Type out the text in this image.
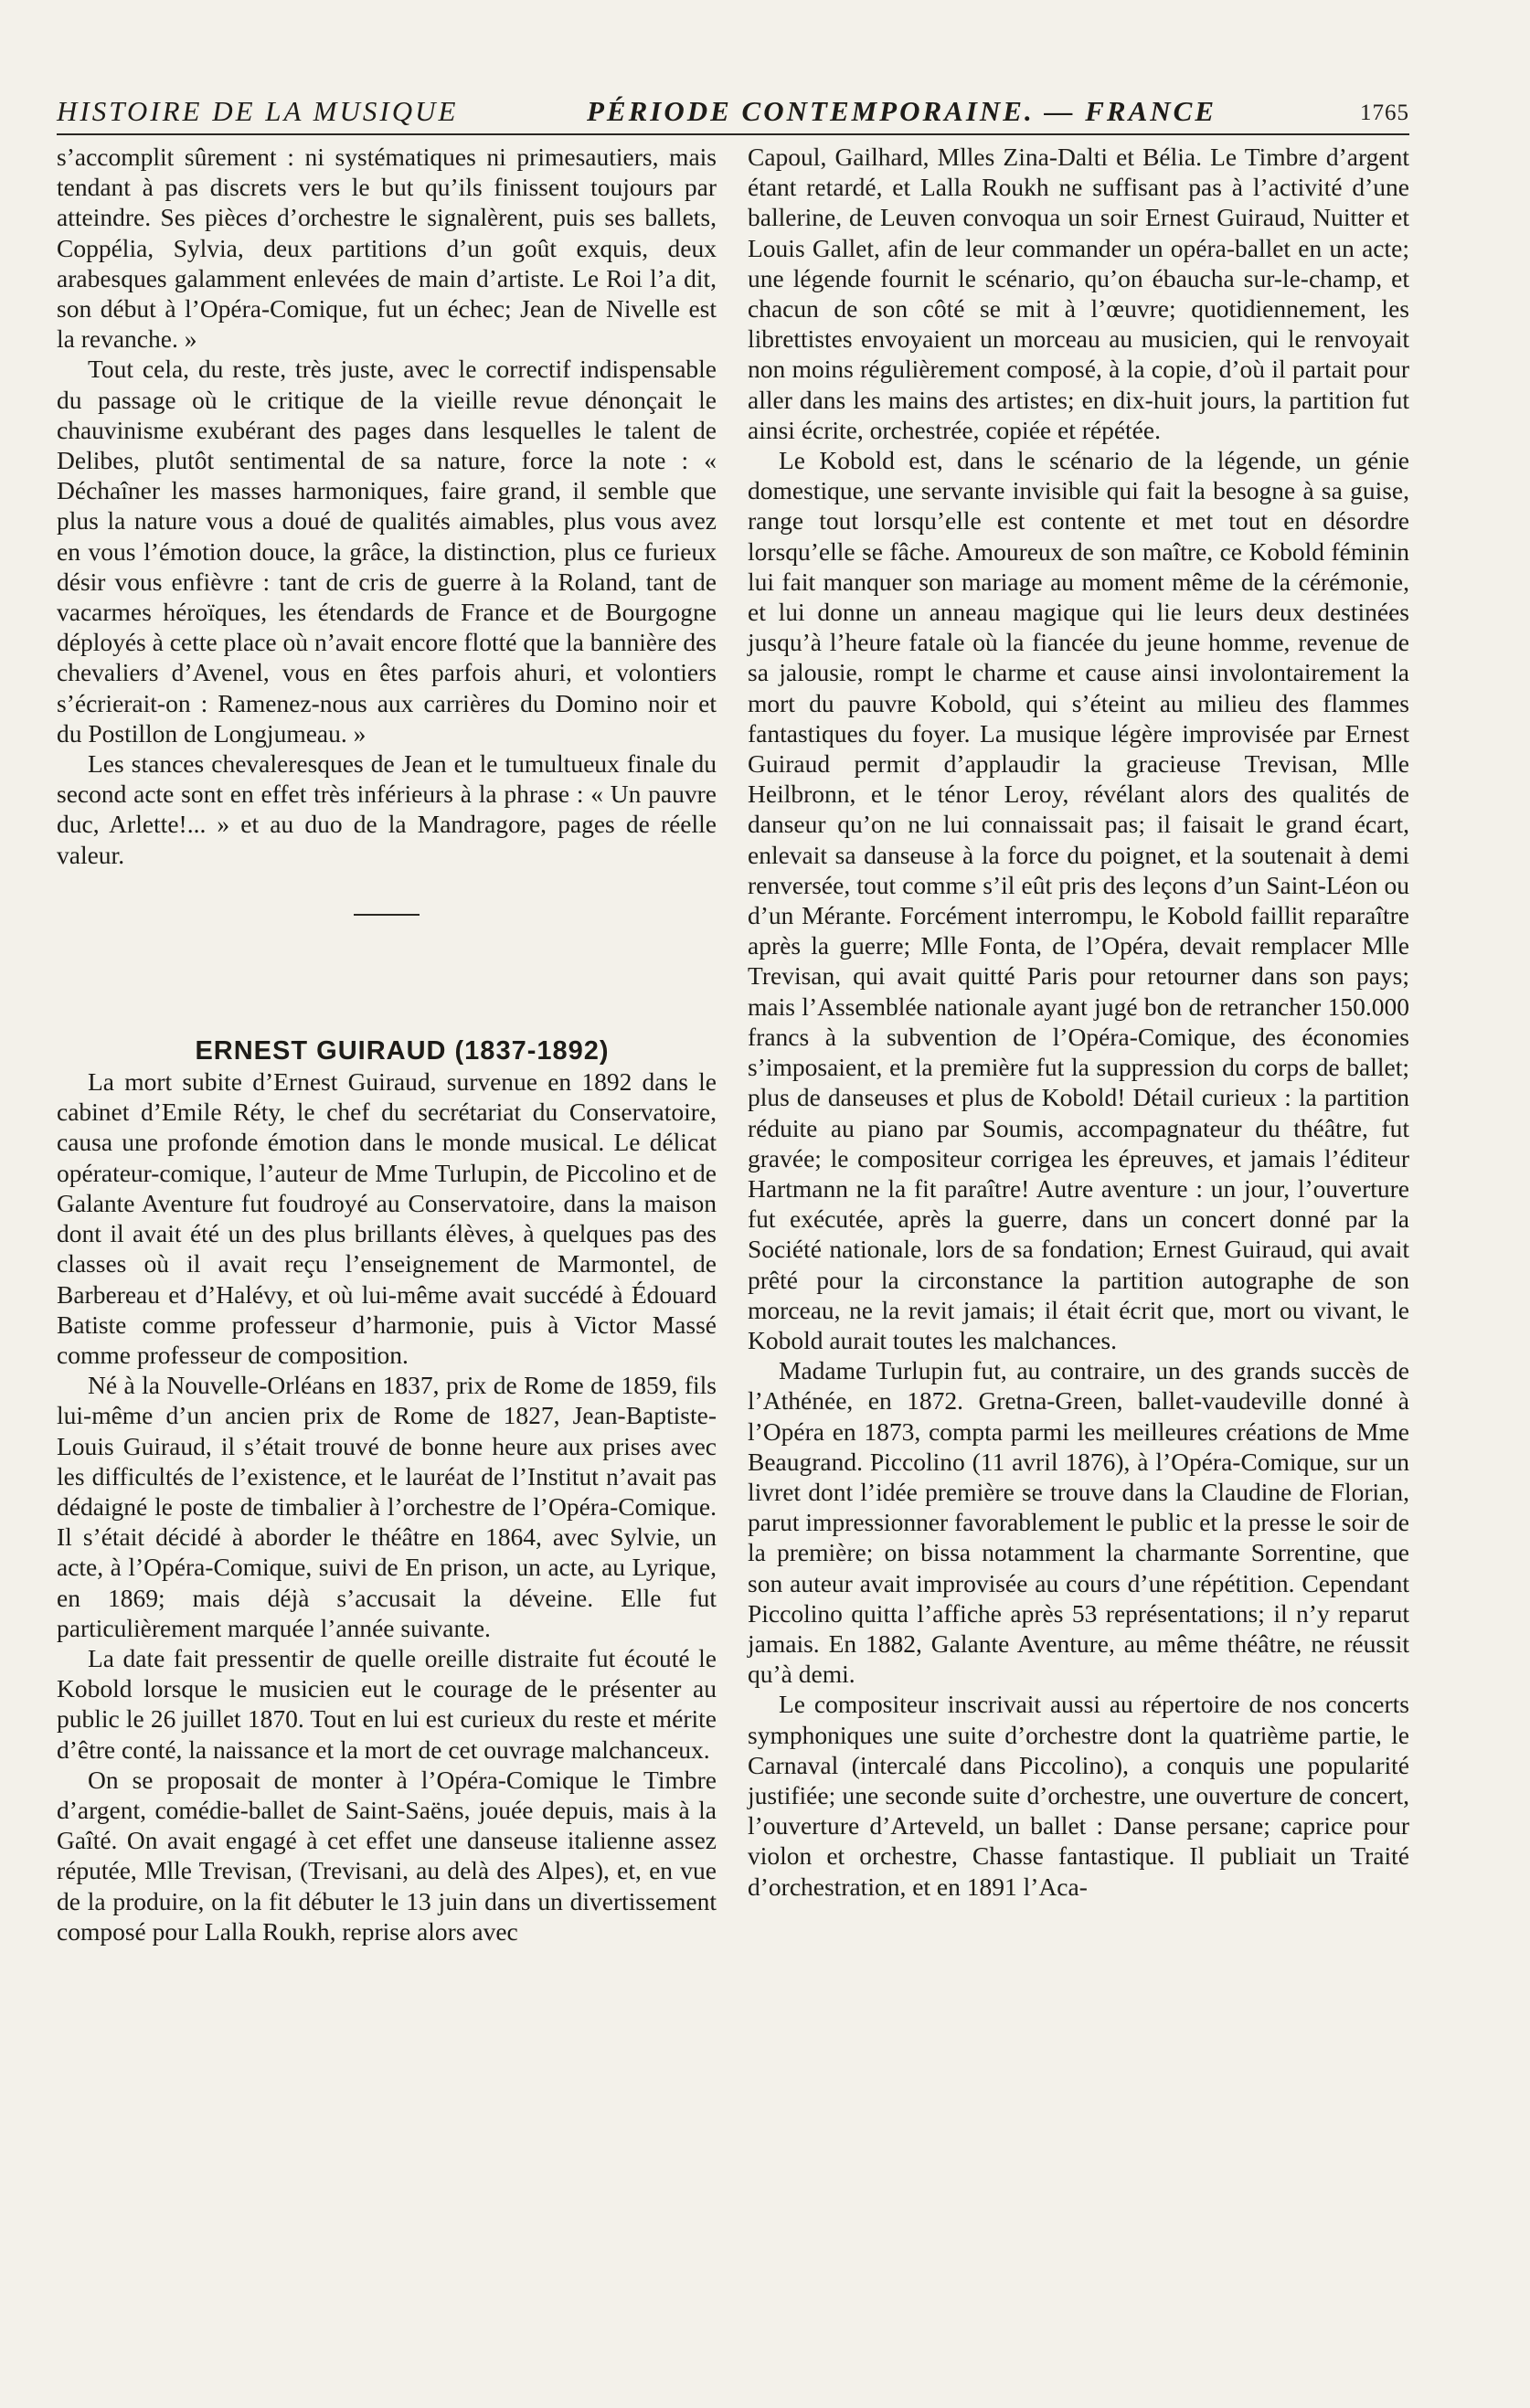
HISTOIRE DE LA MUSIQUE	PÉRIODE CONTEMPORAINE. — FRANCE	1765

s’accomplit sûrement : ni systématiques ni primesautiers, mais tendant à pas discrets vers le but qu’ils finissent toujours par atteindre. Ses pièces d’orchestre le signalèrent, puis ses ballets, Coppélia, Sylvia, deux partitions d’un goût exquis, deux arabesques galamment enlevées de main d’artiste. Le Roi l’a dit, son début à l’Opéra-Comique, fut un échec; Jean de Nivelle est la revanche. »

Tout cela, du reste, très juste, avec le correctif indispensable du passage où le critique de la vieille revue dénonçait le chauvinisme exubérant des pages dans lesquelles le talent de Delibes, plutôt sentimental de sa nature, force la note : « Déchaîner les masses harmoniques, faire grand, il semble que plus la nature vous a doué de qualités aimables, plus vous avez en vous l’émotion douce, la grâce, la distinction, plus ce furieux désir vous enfièvre : tant de cris de guerre à la Roland, tant de vacarmes héroïques, les étendards de France et de Bourgogne déployés à cette place où n’avait encore flotté que la bannière des chevaliers d’Avenel, vous en êtes parfois ahuri, et volontiers s’écrierait-on : Ramenez-nous aux carrières du Domino noir et du Postillon de Longjumeau. »

Les stances chevaleresques de Jean et le tumultueux finale du second acte sont en effet très inférieurs à la phrase : « Un pauvre duc, Arlette!... » et au duo de la Mandragore, pages de réelle valeur.

ERNEST GUIRAUD (1837-1892)

La mort subite d’Ernest Guiraud, survenue en 1892 dans le cabinet d’Emile Réty, le chef du secrétariat du Conservatoire, causa une profonde émotion dans le monde musical. Le délicat opérateur-comique, l’auteur de Mme Turlupin, de Piccolino et de Galante Aventure fut foudroyé au Conservatoire, dans la maison dont il avait été un des plus brillants élèves, à quelques pas des classes où il avait reçu l’enseignement de Marmontel, de Barbereau et d’Halévy, et où lui-même avait succédé à Édouard Batiste comme professeur d’harmonie, puis à Victor Massé comme professeur de composition.

Né à la Nouvelle-Orléans en 1837, prix de Rome de 1859, fils lui-même d’un ancien prix de Rome de 1827, Jean-Baptiste-Louis Guiraud, il s’était trouvé de bonne heure aux prises avec les difficultés de l’existence, et le lauréat de l’Institut n’avait pas dédaigné le poste de timbalier à l’orchestre de l’Opéra-Comique. Il s’était décidé à aborder le théâtre en 1864, avec Sylvie, un acte, à l’Opéra-Comique, suivi de En prison, un acte, au Lyrique, en 1869; mais déjà s’accusait la déveine. Elle fut particulièrement marquée l’année suivante.

La date fait pressentir de quelle oreille distraite fut écouté le Kobold lorsque le musicien eut le courage de le présenter au public le 26 juillet 1870. Tout en lui est curieux du reste et mérite d’être conté, la naissance et la mort de cet ouvrage malchanceux.

On se proposait de monter à l’Opéra-Comique le Timbre d’argent, comédie-ballet de Saint-Saëns, jouée depuis, mais à la Gaîté. On avait engagé à cet effet une danseuse italienne assez réputée, Mlle Trevisan, (Trevisani, au delà des Alpes), et, en vue de la produire, on la fit débuter le 13 juin dans un divertissement composé pour Lalla Roukh, reprise alors avec

Capoul, Gailhard, Mlles Zina-Dalti et Bélia. Le Timbre d’argent étant retardé, et Lalla Roukh ne suffisant pas à l’activité d’une ballerine, de Leuven convoqua un soir Ernest Guiraud, Nuitter et Louis Gallet, afin de leur commander un opéra-ballet en un acte; une légende fournit le scénario, qu’on ébaucha sur-le-champ, et chacun de son côté se mit à l’œuvre; quotidiennement, les librettistes envoyaient un morceau au musicien, qui le renvoyait non moins régulièrement composé, à la copie, d’où il partait pour aller dans les mains des artistes; en dix-huit jours, la partition fut ainsi écrite, orchestrée, copiée et répétée.

Le Kobold est, dans le scénario de la légende, un génie domestique, une servante invisible qui fait la besogne à sa guise, range tout lorsqu’elle est contente et met tout en désordre lorsqu’elle se fâche. Amoureux de son maître, ce Kobold féminin lui fait manquer son mariage au moment même de la cérémonie, et lui donne un anneau magique qui lie leurs deux destinées jusqu’à l’heure fatale où la fiancée du jeune homme, revenue de sa jalousie, rompt le charme et cause ainsi involontairement la mort du pauvre Kobold, qui s’éteint au milieu des flammes fantastiques du foyer. La musique légère improvisée par Ernest Guiraud permit d’applaudir la gracieuse Trevisan, Mlle Heilbronn, et le ténor Leroy, révélant alors des qualités de danseur qu’on ne lui connaissait pas; il faisait le grand écart, enlevait sa danseuse à la force du poignet, et la soutenait à demi renversée, tout comme s’il eût pris des leçons d’un Saint-Léon ou d’un Mérante. Forcément interrompu, le Kobold faillit reparaître après la guerre; Mlle Fonta, de l’Opéra, devait remplacer Mlle Trevisan, qui avait quitté Paris pour retourner dans son pays; mais l’Assemblée nationale ayant jugé bon de retrancher 150.000 francs à la subvention de l’Opéra-Comique, des économies s’imposaient, et la première fut la suppression du corps de ballet; plus de danseuses et plus de Kobold! Détail curieux : la partition réduite au piano par Soumis, accompagnateur du théâtre, fut gravée; le compositeur corrigea les épreuves, et jamais l’éditeur Hartmann ne la fit paraître! Autre aventure : un jour, l’ouverture fut exécutée, après la guerre, dans un concert donné par la Société nationale, lors de sa fondation; Ernest Guiraud, qui avait prêté pour la circonstance la partition autographe de son morceau, ne la revit jamais; il était écrit que, mort ou vivant, le Kobold aurait toutes les malchances.

Madame Turlupin fut, au contraire, un des grands succès de l’Athénée, en 1872. Gretna-Green, ballet-vaudeville donné à l’Opéra en 1873, compta parmi les meilleures créations de Mme Beaugrand. Piccolino (11 avril 1876), à l’Opéra-Comique, sur un livret dont l’idée première se trouve dans la Claudine de Florian, parut impressionner favorablement le public et la presse le soir de la première; on bissa notamment la charmante Sorrentine, que son auteur avait improvisée au cours d’une répétition. Cependant Piccolino quitta l’affiche après 53 représentations; il n’y reparut jamais. En 1882, Galante Aventure, au même théâtre, ne réussit qu’à demi.

Le compositeur inscrivait aussi au répertoire de nos concerts symphoniques une suite d’orchestre dont la quatrième partie, le Carnaval (intercalé dans Piccolino), a conquis une popularité justifiée; une seconde suite d’orchestre, une ouverture de concert, l’ouverture d’Arteveld, un ballet : Danse persane; caprice pour violon et orchestre, Chasse fantastique. Il publiait un Traité d’orchestration, et en 1891 l’Aca-
